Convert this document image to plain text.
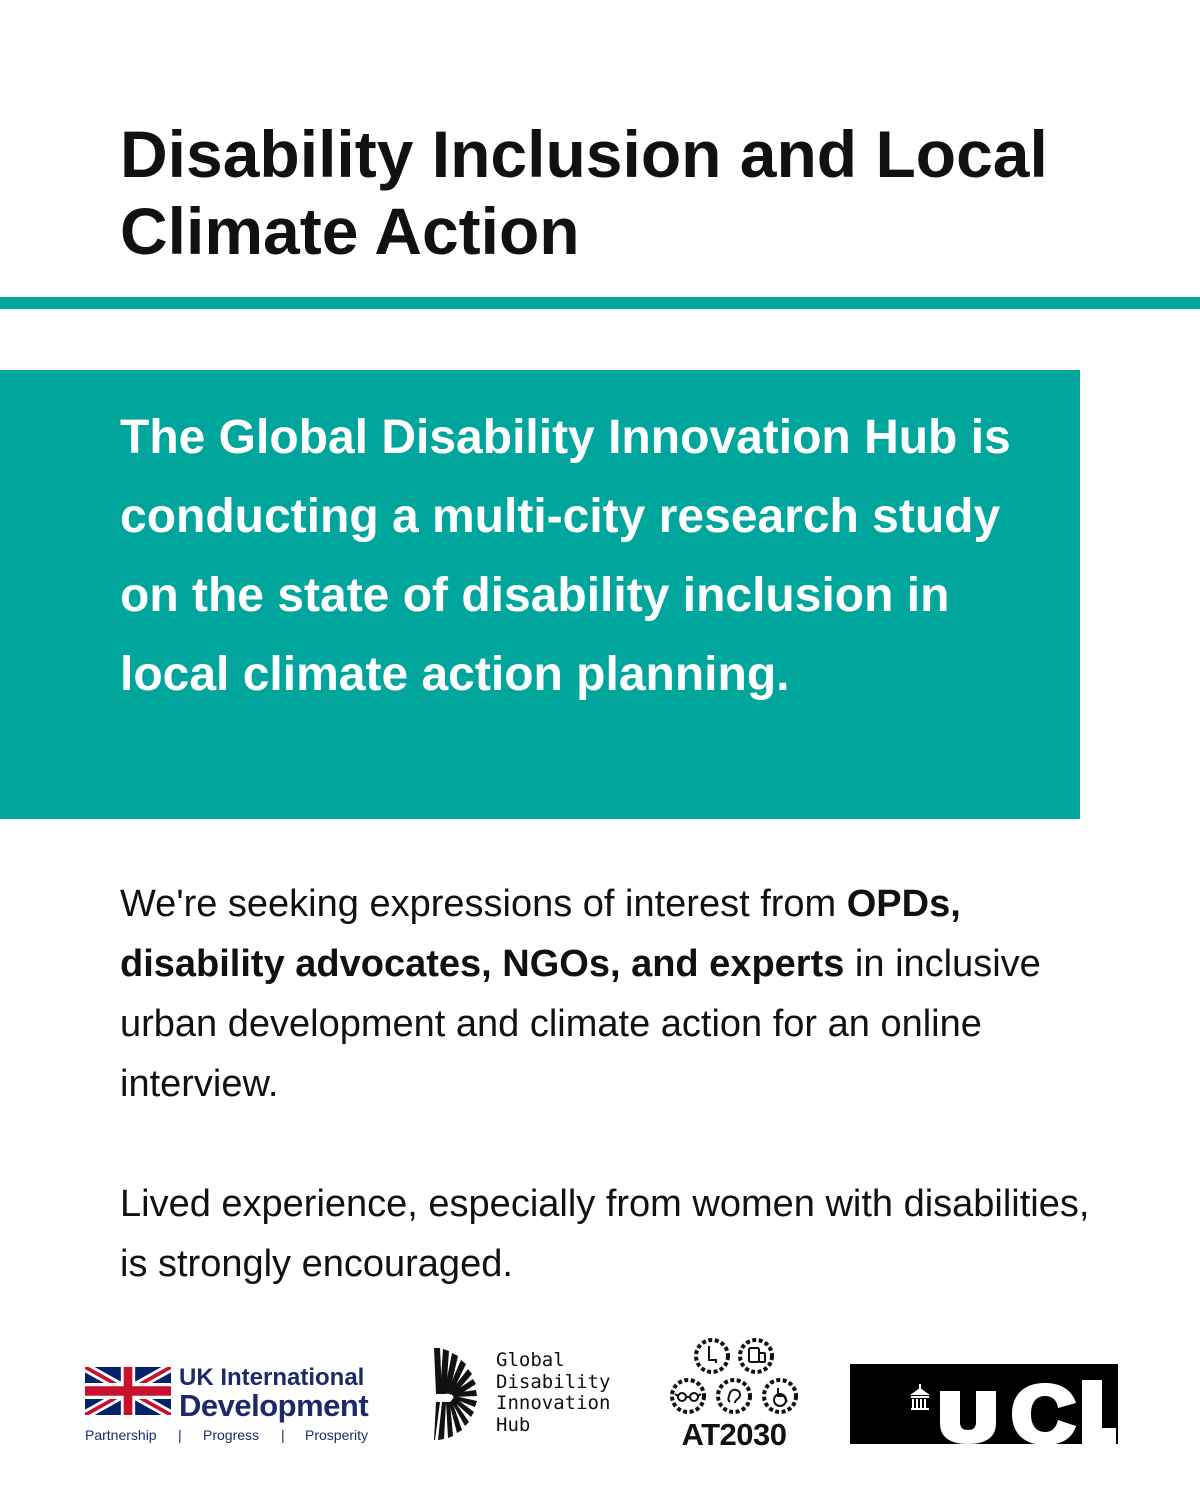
Disability Inclusion and Local Climate Action

The Global Disability Innovation Hub is conducting a multi-city research study on the state of disability inclusion in local climate action planning.

We're seeking expressions of interest from OPDs, disability advocates, NGOs, and experts in inclusive urban development and climate action for an online interview.

Lived experience, especially from women with disabilities, is strongly encouraged.

UK International
Development
Partnership | Progress | Prosperity
Global
Disability
Innovation
Hub	AT2030
